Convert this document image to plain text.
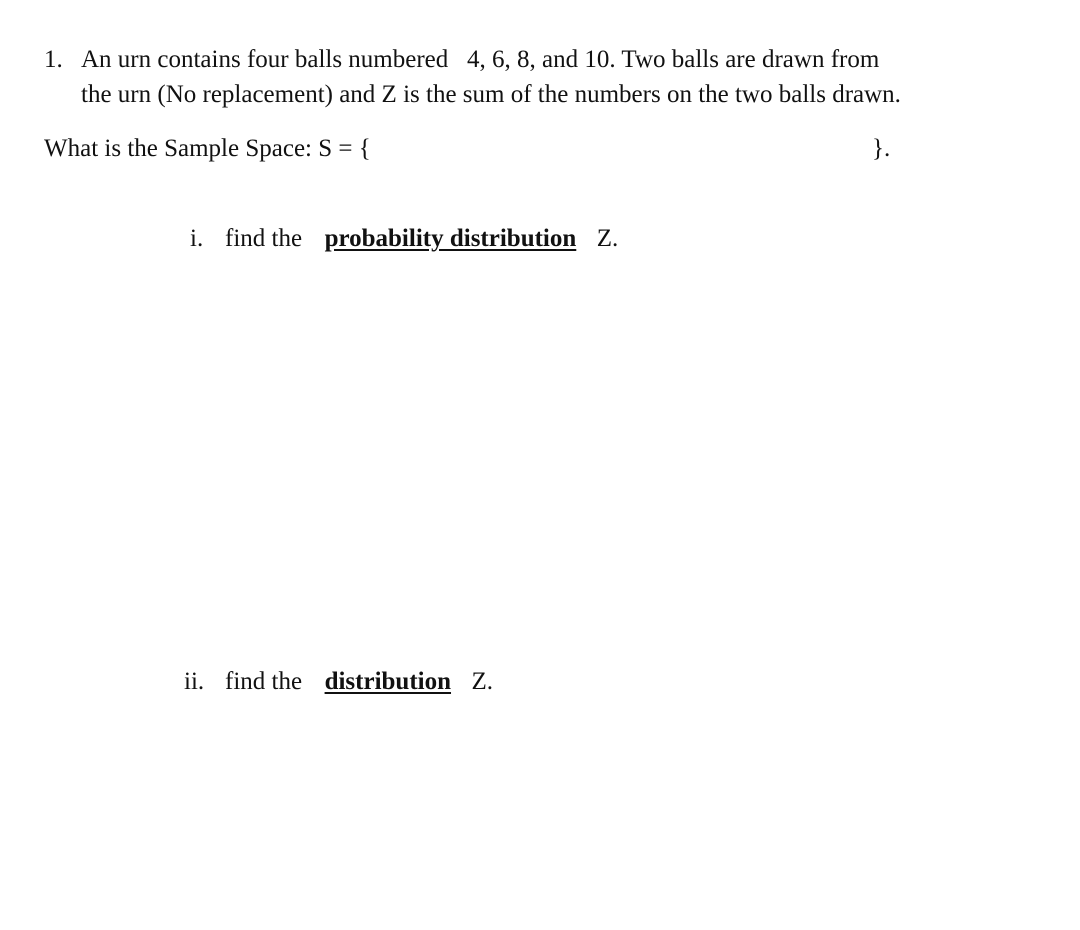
1. An urn contains four balls numbered   4, 6, 8, and 10. Two balls are drawn from
the urn (No replacement) and Z is the sum of the numbers on the two balls drawn.
What is the Sample Space: S = {	}.
i. find the probability distribution Z.
ii. find the distribution Z.
